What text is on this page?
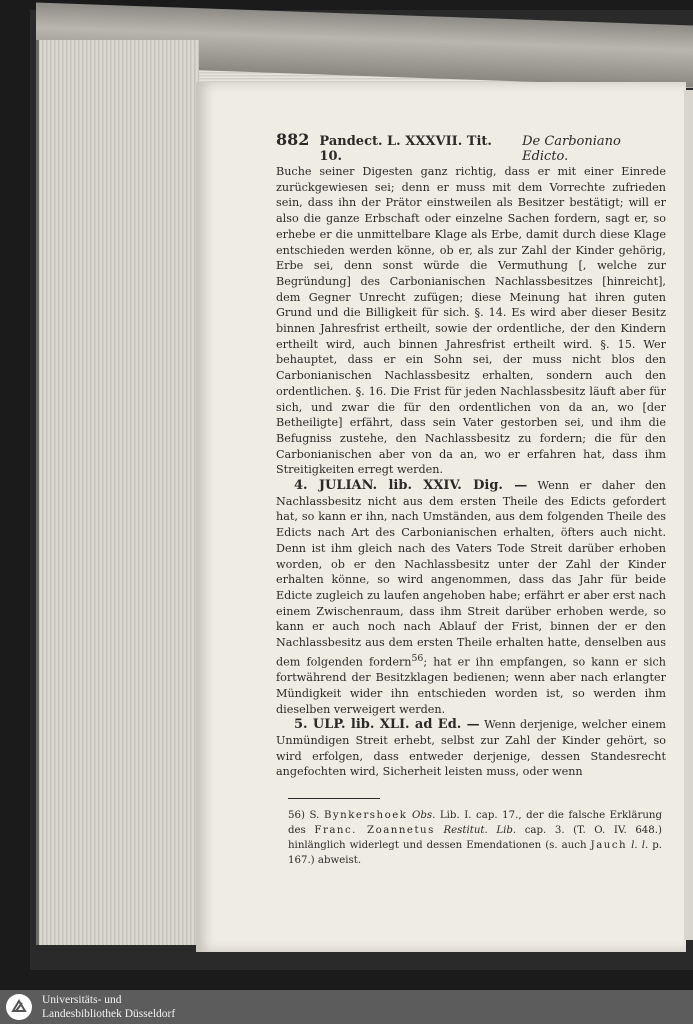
882 Pandect. L. XXXVII. Tit. 10.
De Carboniano Edicto.

Buche seiner Digesten ganz richtig, dass er mit einer Einrede zurückgewiesen sei; denn er muss mit dem Vorrechte zufrieden sein, dass ihn der Prätor einstweilen als Besitzer bestätigt; will er also die ganze Erbschaft oder einzelne Sachen fordern, sagt er, so erhebe er die unmittelbare Klage als Erbe, damit durch diese Klage entschieden werden könne, ob er, als zur Zahl der Kinder gehörig, Erbe sei, denn sonst würde die Vermuthung [, welche zur Begründung] des Carbonianischen Nachlassbesitzes [hinreicht], dem Gegner Unrecht zufügen; diese Meinung hat ihren guten Grund und die Billigkeit für sich. §. 14. Es wird aber dieser Besitz binnen Jahresfrist ertheilt, sowie der ordentliche, der den Kindern ertheilt wird, auch binnen Jahresfrist ertheilt wird. §. 15. Wer behauptet, dass er ein Sohn sei, der muss nicht blos den Carbonianischen Nachlassbesitz erhalten, sondern auch den ordentlichen. §. 16. Die Frist für jeden Nachlassbesitz läuft aber für sich, und zwar die für den ordentlichen von da an, wo [der Betheiligte] erfährt, dass sein Vater gestorben sei, und ihm die Befugniss zustehe, den Nachlassbesitz zu fordern; die für den Carbonianischen aber von da an, wo er erfahren hat, dass ihm Streitigkeiten erregt werden.

4. JULIAN. lib. XXIV. Dig. — Wenn er daher den Nachlassbesitz nicht aus dem ersten Theile des Edicts gefordert hat, so kann er ihn, nach Umständen, aus dem folgenden Theile des Edicts nach Art des Carbonianischen erhalten, öfters auch nicht. Denn ist ihm gleich nach des Vaters Tode Streit darüber erhoben worden, ob er den Nachlassbesitz unter der Zahl der Kinder erhalten könne, so wird angenommen, dass das Jahr für beide Edicte zugleich zu laufen angehoben habe; erfährt er aber erst nach einem Zwischenraum, dass ihm Streit darüber erhoben werde, so kann er auch noch nach Ablauf der Frist, binnen der er den Nachlassbesitz aus dem ersten Theile erhalten hatte, denselben aus dem folgenden fordern$^{56}$; hat er ihn empfangen, so kann er sich fortwährend der Besitzklagen bedienen; wenn aber nach erlangter Mündigkeit wider ihn entschieden worden ist, so werden ihm dieselben verweigert werden.

5. ULP. lib. XLI. ad Ed. — Wenn derjenige, welcher einem Unmündigen Streit erhebt, selbst zur Zahl der Kinder gehört, so wird erfolgen, dass entweder derjenige, dessen Standesrecht angefochten wird, Sicherheit leisten muss, oder wenn

56) S. Bynkershoek Obs. Lib. I. cap. 17., der die falsche Erklärung des Franc. Zoannetus Restitut. Lib. cap. 3. (T. O. IV. 648.) hinlänglich widerlegt und dessen Emendationen (s. auch Jauch l. l. p. 167.) abweist.
Universitäts- und
Landesbibliothek Düsseldorf
